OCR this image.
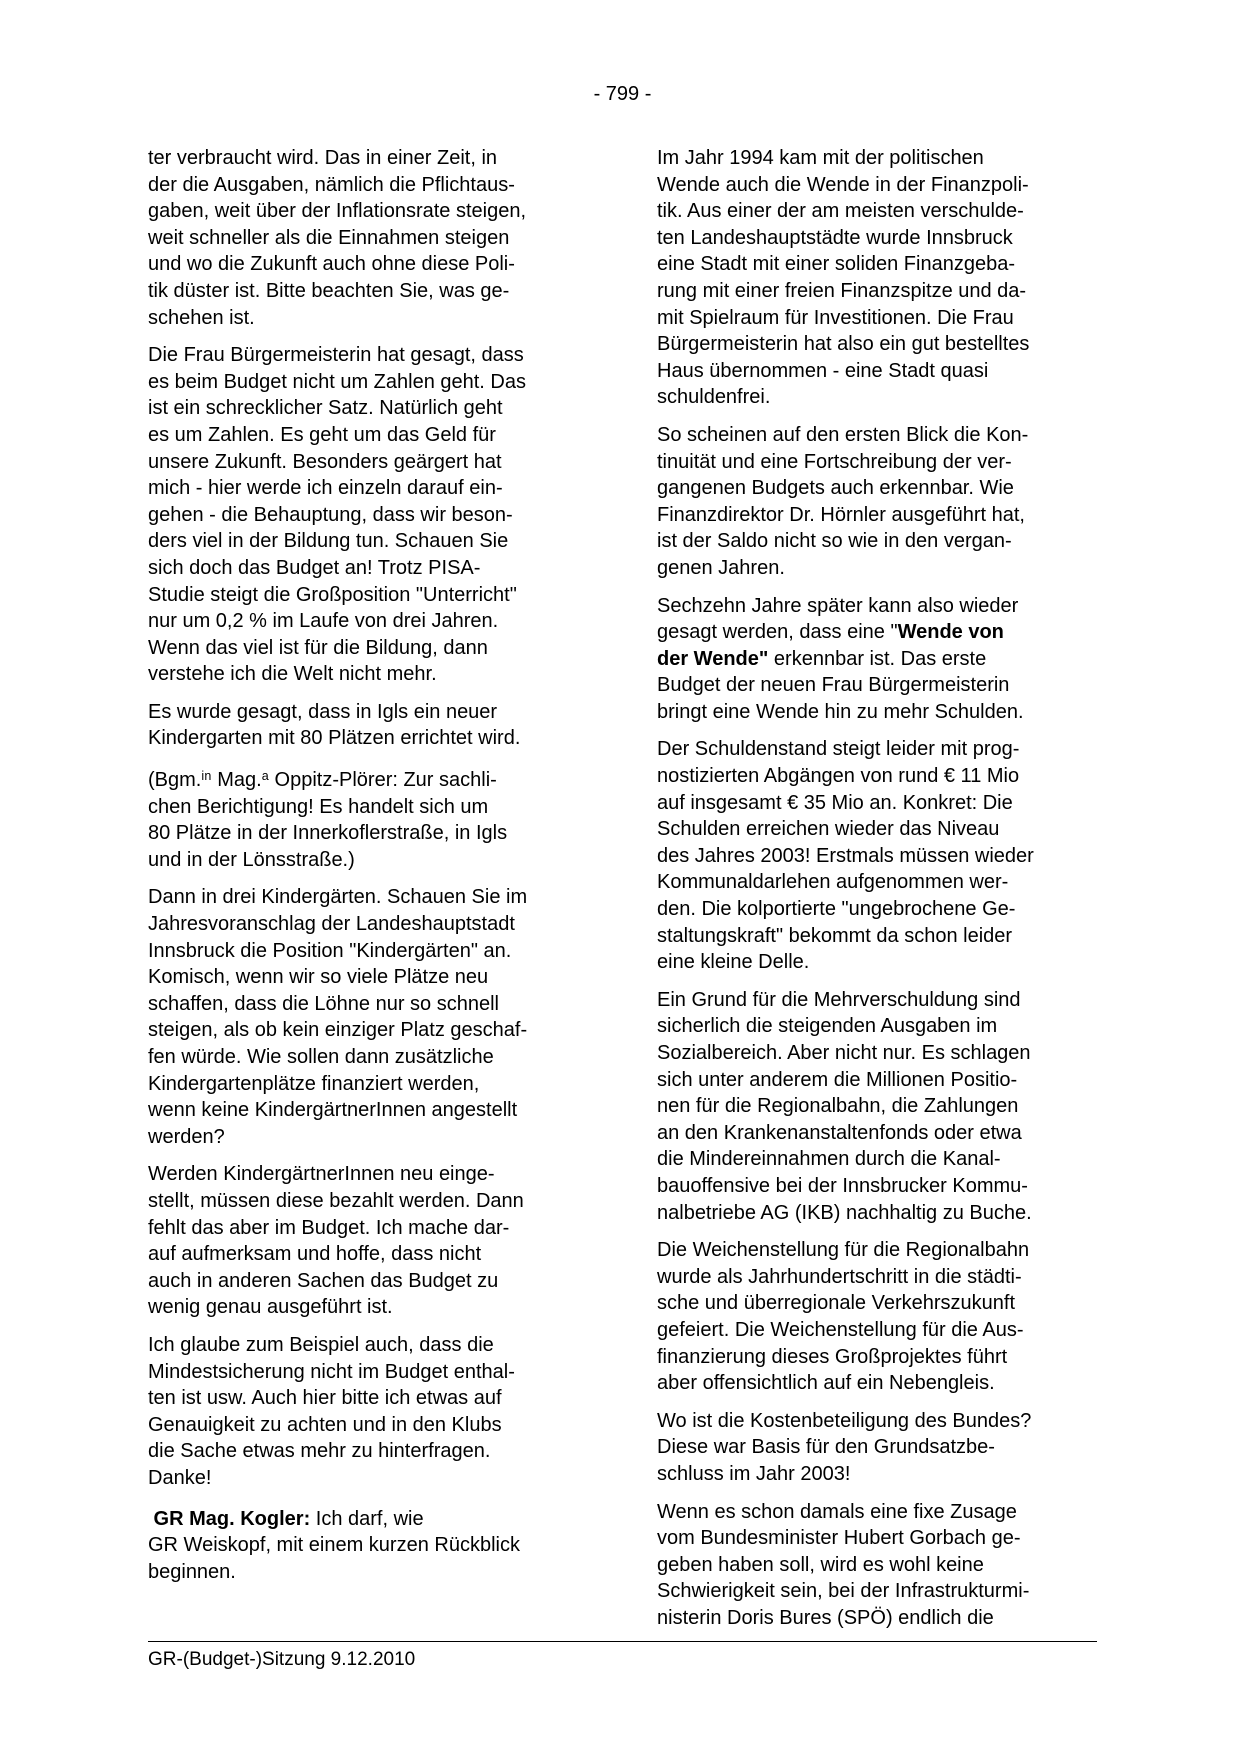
- 799 -
ter verbraucht wird. Das in einer Zeit, in
der die Ausgaben, nämlich die Pflichtaus-
gaben, weit über der Inflationsrate steigen,
weit schneller als die Einnahmen steigen
und wo die Zukunft auch ohne diese Poli-
tik düster ist. Bitte beachten Sie, was ge-
schehen ist.
Die Frau Bürgermeisterin hat gesagt, dass
es beim Budget nicht um Zahlen geht. Das
ist ein schrecklicher Satz. Natürlich geht
es um Zahlen. Es geht um das Geld für
unsere Zukunft. Besonders geärgert hat
mich - hier werde ich einzeln darauf ein-
gehen - die Behauptung, dass wir beson-
ders viel in der Bildung tun. Schauen Sie
sich doch das Budget an! Trotz PISA-
Studie steigt die Großposition "Unterricht"
nur um 0,2 % im Laufe von drei Jahren.
Wenn das viel ist für die Bildung, dann
verstehe ich die Welt nicht mehr.
Es wurde gesagt, dass in Igls ein neuer
Kindergarten mit 80 Plätzen errichtet wird.
(Bgm.$^{in}$ Mag.$^a$ Oppitz-Plörer: Zur sachli-
chen Berichtigung! Es handelt sich um
80 Plätze in der Innerkoflerstraße, in Igls
und in der Lönsstraße.)
Dann in drei Kindergärten. Schauen Sie im
Jahresvoranschlag der Landeshauptstadt
Innsbruck die Position "Kindergärten" an.
Komisch, wenn wir so viele Plätze neu
schaffen, dass die Löhne nur so schnell
steigen, als ob kein einziger Platz geschaf-
fen würde. Wie sollen dann zusätzliche
Kindergartenplätze finanziert werden,
wenn keine KindergärtnerInnen angestellt
werden?
Werden KindergärtnerInnen neu einge-
stellt, müssen diese bezahlt werden. Dann
fehlt das aber im Budget. Ich mache dar-
auf aufmerksam und hoffe, dass nicht
auch in anderen Sachen das Budget zu
wenig genau ausgeführt ist.
Ich glaube zum Beispiel auch, dass die
Mindestsicherung nicht im Budget enthal-
ten ist usw. Auch hier bitte ich etwas auf
Genauigkeit zu achten und in den Klubs
die Sache etwas mehr zu hinterfragen.
Danke!
GR Mag. Kogler: Ich darf, wie
GR Weiskopf, mit einem kurzen Rückblick
beginnen.
Im Jahr 1994 kam mit der politischen
Wende auch die Wende in der Finanzpoli-
tik. Aus einer der am meisten verschulde-
ten Landeshauptstädte wurde Innsbruck
eine Stadt mit einer soliden Finanzgeba-
rung mit einer freien Finanzspitze und da-
mit Spielraum für Investitionen. Die Frau
Bürgermeisterin hat also ein gut bestelltes
Haus übernommen - eine Stadt quasi
schuldenfrei.
So scheinen auf den ersten Blick die Kon-
tinuität und eine Fortschreibung der ver-
gangenen Budgets auch erkennbar. Wie
Finanzdirektor Dr. Hörnler ausgeführt hat,
ist der Saldo nicht so wie in den vergan-
genen Jahren.
Sechzehn Jahre später kann also wieder
gesagt werden, dass eine "Wende von
der Wende" erkennbar ist. Das erste
Budget der neuen Frau Bürgermeisterin
bringt eine Wende hin zu mehr Schulden.
Der Schuldenstand steigt leider mit prog-
nostizierten Abgängen von rund € 11 Mio
auf insgesamt € 35 Mio an. Konkret: Die
Schulden erreichen wieder das Niveau
des Jahres 2003! Erstmals müssen wieder
Kommunaldarlehen aufgenommen wer-
den. Die kolportierte "ungebrochene Ge-
staltungskraft" bekommt da schon leider
eine kleine Delle.
Ein Grund für die Mehrverschuldung sind
sicherlich die steigenden Ausgaben im
Sozialbereich. Aber nicht nur. Es schlagen
sich unter anderem die Millionen Positio-
nen für die Regionalbahn, die Zahlungen
an den Krankenanstaltenfonds oder etwa
die Mindereinnahmen durch die Kanal-
bauoffensive bei der Innsbrucker Kommu-
nalbetriebe AG (IKB) nachhaltig zu Buche.
Die Weichenstellung für die Regionalbahn
wurde als Jahrhundertschritt in die städti-
sche und überregionale Verkehrszukunft
gefeiert. Die Weichenstellung für die Aus-
finanzierung dieses Großprojektes führt
aber offensichtlich auf ein Nebengleis.
Wo ist die Kostenbeteiligung des Bundes?
Diese war Basis für den Grundsatzbe-
schluss im Jahr 2003!
Wenn es schon damals eine fixe Zusage
vom Bundesminister Hubert Gorbach ge-
geben haben soll, wird es wohl keine
Schwierigkeit sein, bei der Infrastrukturmi-
nisterin Doris Bures (SPÖ) endlich die
GR-(Budget-)Sitzung 9.12.2010
